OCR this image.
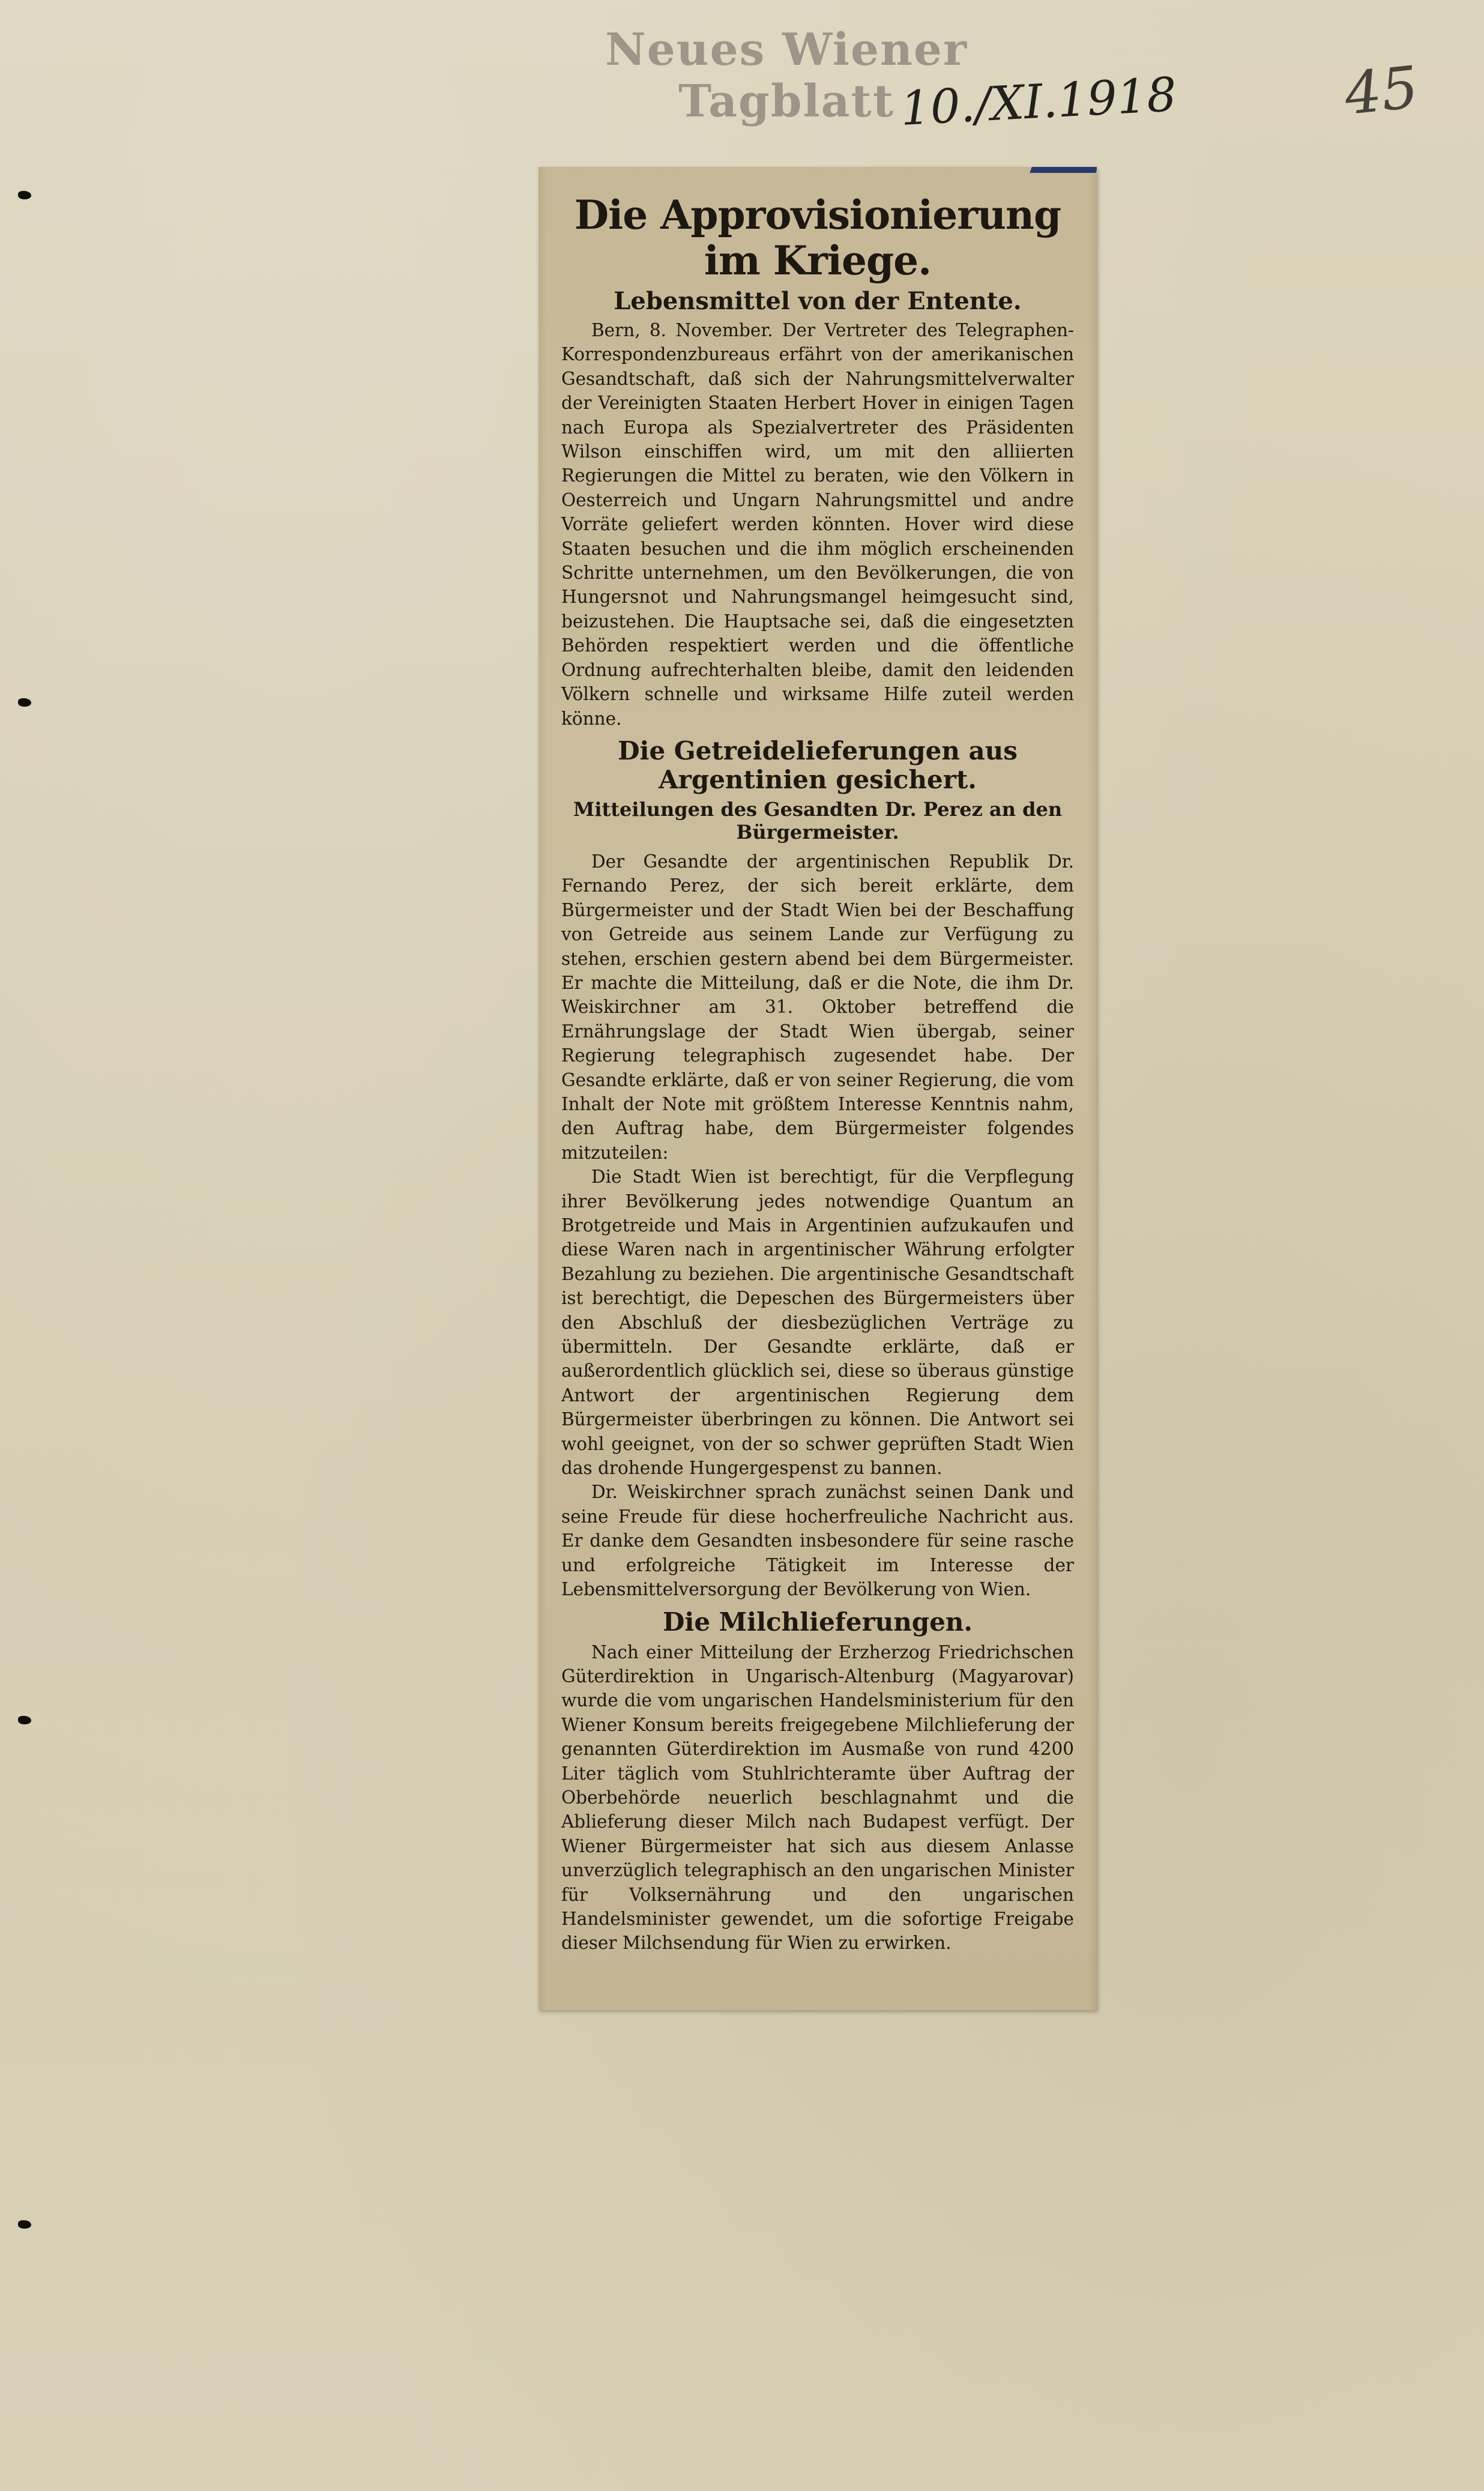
Neues Wiener Tagblatt 10./XI.1918	45
Die Approvisionierung im Kriege.
Lebensmittel von der Entente.

Bern, 8. November. Der Vertreter des Telegraphen-Korrespondenzbureaus erfährt von der amerikanischen Gesandtschaft, daß sich der Nahrungsmittelverwalter der Vereinigten Staaten Herbert Hover in einigen Tagen nach Europa als Spezialvertreter des Präsidenten Wilson einschiffen wird, um mit den alliierten Regierungen die Mittel zu beraten, wie den Völkern in Oesterreich und Ungarn Nahrungsmittel und andre Vorräte geliefert werden könnten. Hover wird diese Staaten besuchen und die ihm möglich erscheinenden Schritte unternehmen, um den Bevölkerungen, die von Hungersnot und Nahrungsmangel heimgesucht sind, beizustehen. Die Hauptsache sei, daß die eingesetzten Behörden respektiert werden und die öffentliche Ordnung aufrechterhalten bleibe, damit den leidenden Völkern schnelle und wirksame Hilfe zuteil werden könne.

Die Getreidelieferungen aus Argentinien gesichert.
Mitteilungen des Gesandten Dr. Perez an den Bürgermeister.

Der Gesandte der argentinischen Republik Dr. Fernando Perez, der sich bereit erklärte, dem Bürgermeister und der Stadt Wien bei der Beschaffung von Getreide aus seinem Lande zur Verfügung zu stehen, erschien gestern abend bei dem Bürgermeister. Er machte die Mitteilung, daß er die Note, die ihm Dr. Weiskirchner am 31. Oktober betreffend die Ernährungslage der Stadt Wien übergab, seiner Regierung telegraphisch zugesendet habe. Der Gesandte erklärte, daß er von seiner Regierung, die vom Inhalt der Note mit größtem Interesse Kenntnis nahm, den Auftrag habe, dem Bürgermeister folgendes mitzuteilen:

Die Stadt Wien ist berechtigt, für die Verpflegung ihrer Bevölkerung jedes notwendige Quantum an Brotgetreide und Mais in Argentinien aufzukaufen und diese Waren nach in argentinischer Währung erfolgter Bezahlung zu beziehen. Die argentinische Gesandtschaft ist berechtigt, die Depeschen des Bürgermeisters über den Abschluß der diesbezüglichen Verträge zu übermitteln. Der Gesandte erklärte, daß er außerordentlich glücklich sei, diese so überaus günstige Antwort der argentinischen Regierung dem Bürgermeister überbringen zu können. Die Antwort sei wohl geeignet, von der so schwer geprüften Stadt Wien das drohende Hungergespenst zu bannen.

Dr. Weiskirchner sprach zunächst seinen Dank und seine Freude für diese hocherfreuliche Nachricht aus. Er danke dem Gesandten insbesondere für seine rasche und erfolgreiche Tätigkeit im Interesse der Lebensmittelversorgung der Bevölkerung von Wien.

Die Milchlieferungen.

Nach einer Mitteilung der Erzherzog Friedrichschen Güterdirektion in Ungarisch-Altenburg (Magyarovar) wurde die vom ungarischen Handelsministerium für den Wiener Konsum bereits freigegebene Milchlieferung der genannten Güterdirektion im Ausmaße von rund 4200 Liter täglich vom Stuhlrichteramte über Auftrag der Oberbehörde neuerlich beschlagnahmt und die Ablieferung dieser Milch nach Budapest verfügt. Der Wiener Bürgermeister hat sich aus diesem Anlasse unverzüglich telegraphisch an den ungarischen Minister für Volksernährung und den ungarischen Handelsminister gewendet, um die sofortige Freigabe dieser Milchsendung für Wien zu erwirken.
